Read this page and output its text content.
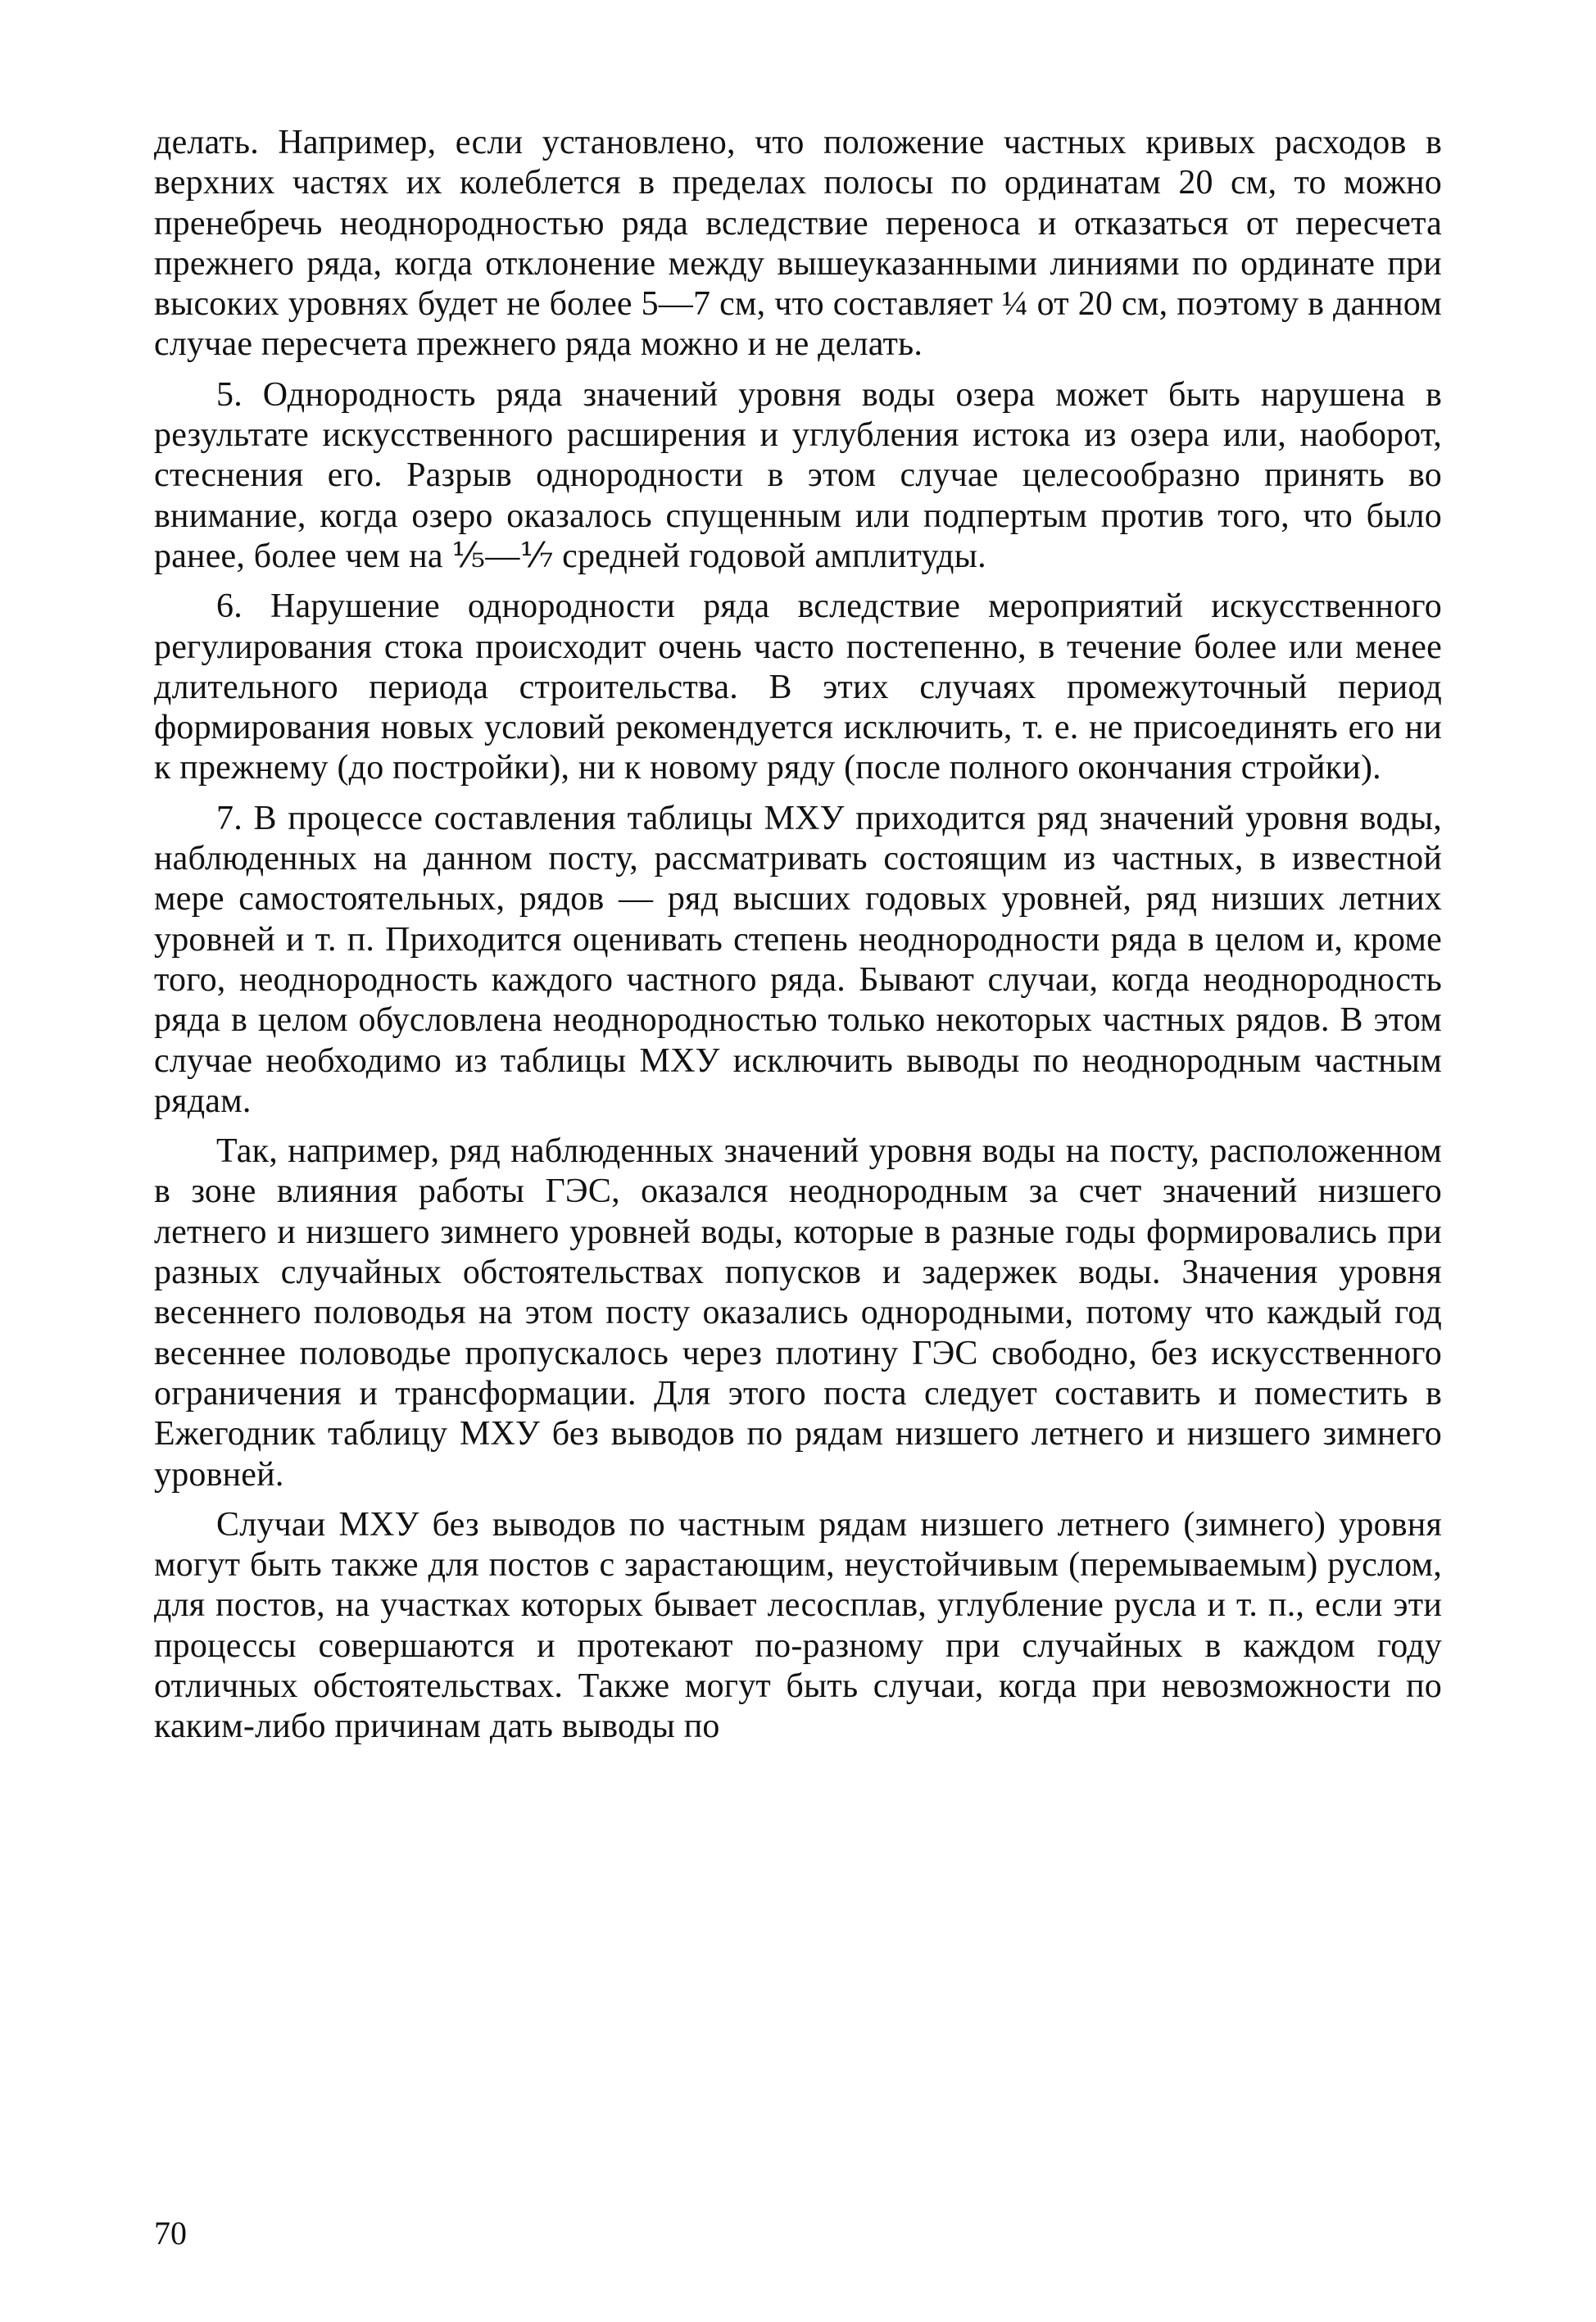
делать. Например, если установлено, что положение частных кривых расходов в верхних частях их колеблется в пределах полосы по ординатам 20 см, то можно пренебречь неоднородностью ряда вследствие переноса и отказаться от пересчета прежнего ряда, когда отклонение между вышеуказанными линиями по ординате при высоких уровнях будет не более 5—7 см, что составляет ¼ от 20 см, поэтому в данном случае пересчета прежнего ряда можно и не делать.

5. Однородность ряда значений уровня воды озера может быть нарушена в результате искусственного расширения и углубления истока из озера или, наоборот, стеснения его. Разрыв однородности в этом случае целесообразно принять во внимание, когда озеро оказалось спущенным или подпертым против того, что было ранее, более чем на ⅕—⅐ средней годовой амплитуды.

6. Нарушение однородности ряда вследствие мероприятий искусственного регулирования стока происходит очень часто постепенно, в течение более или менее длительного периода строительства. В этих случаях промежуточный период формирования новых условий рекомендуется исключить, т. е. не присоединять его ни к прежнему (до постройки), ни к новому ряду (после полного окончания стройки).

7. В процессе составления таблицы МХУ приходится ряд значений уровня воды, наблюденных на данном посту, рассматривать состоящим из частных, в известной мере самостоятельных, рядов — ряд высших годовых уровней, ряд низших летних уровней и т. п. Приходится оценивать степень неоднородности ряда в целом и, кроме того, неоднородность каждого частного ряда. Бывают случаи, когда неоднородность ряда в целом обусловлена неоднородностью только некоторых частных рядов. В этом случае необходимо из таблицы МХУ исключить выводы по неоднородным частным рядам.

Так, например, ряд наблюденных значений уровня воды на посту, расположенном в зоне влияния работы ГЭС, оказался неоднородным за счет значений низшего летнего и низшего зимнего уровней воды, которые в разные годы формировались при разных случайных обстоятельствах попусков и задержек воды. Значения уровня весеннего половодья на этом посту оказались однородными, потому что каждый год весеннее половодье пропускалось через плотину ГЭС свободно, без искусственного ограничения и трансформации. Для этого поста следует составить и поместить в Ежегодник таблицу МХУ без выводов по рядам низшего летнего и низшего зимнего уровней.

Случаи МХУ без выводов по частным рядам низшего летнего (зимнего) уровня могут быть также для постов с зарастающим, неустойчивым (перемываемым) руслом, для постов, на участках которых бывает лесосплав, углубление русла и т. п., если эти процессы совершаются и протекают по-разному при случайных в каждом году отличных обстоятельствах. Также могут быть случаи, когда при невозможности по каким-либо причинам дать выводы по

70
